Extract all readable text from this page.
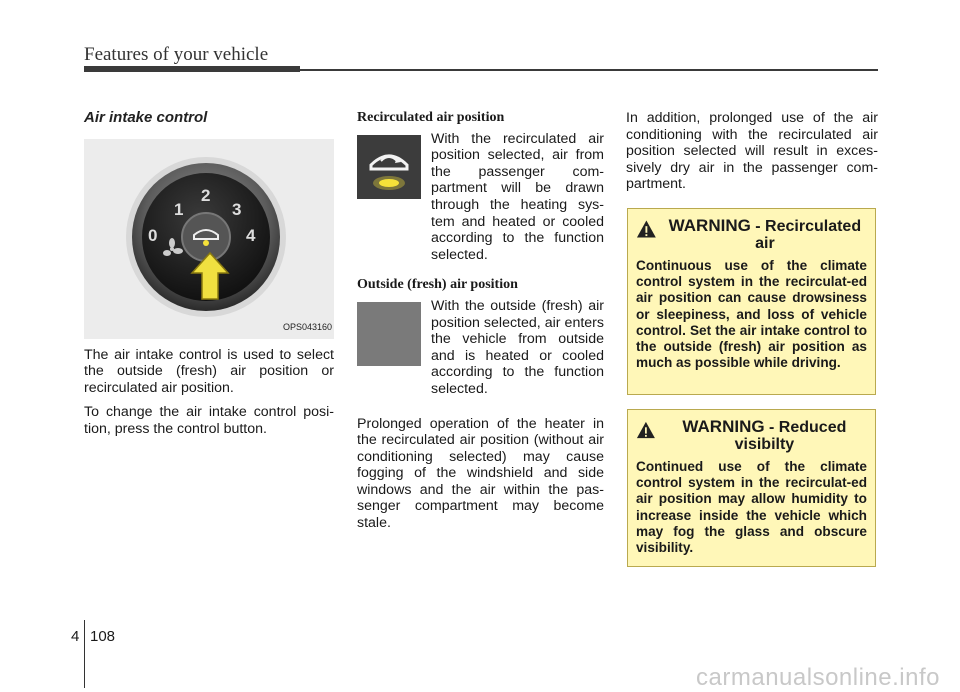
Features of your vehicle

Air intake control

0
1
2
3
4
OPS043160

The air intake control is used to select the outside (fresh) air position or recirculated air position.

To change the air intake control posi-tion, press the control button.

Recirculated air position

With the recirculated air position selected, air from the passenger com-partment will be drawn through the heating sys-tem and heated or cooled according to the function selected.

Outside (fresh) air position

With the outside (fresh) air position selected, air enters the vehicle from outside and is heated or cooled according to the function selected.

Prolonged operation of the heater in the recirculated air position (without air conditioning selected) may cause fogging of the windshield and side windows and the air within the pas-senger compartment may become stale.

In addition, prolonged use of the air conditioning with the recirculated air position selected will result in exces-sively dry air in the passenger com-partment.

WARNING - Recirculated air

Continuous use of the climate control system in the recirculat-ed air position can cause drowsiness or sleepiness, and loss of vehicle control. Set the air intake control to the outside (fresh) air position as much as possible while driving.

WARNING - Reduced visibilty

Continued use of the climate control system in the recirculat-ed air position may allow humidity to increase inside the vehicle which may fog the glass and obscure visibility.

4 108
carmanualsonline.info
